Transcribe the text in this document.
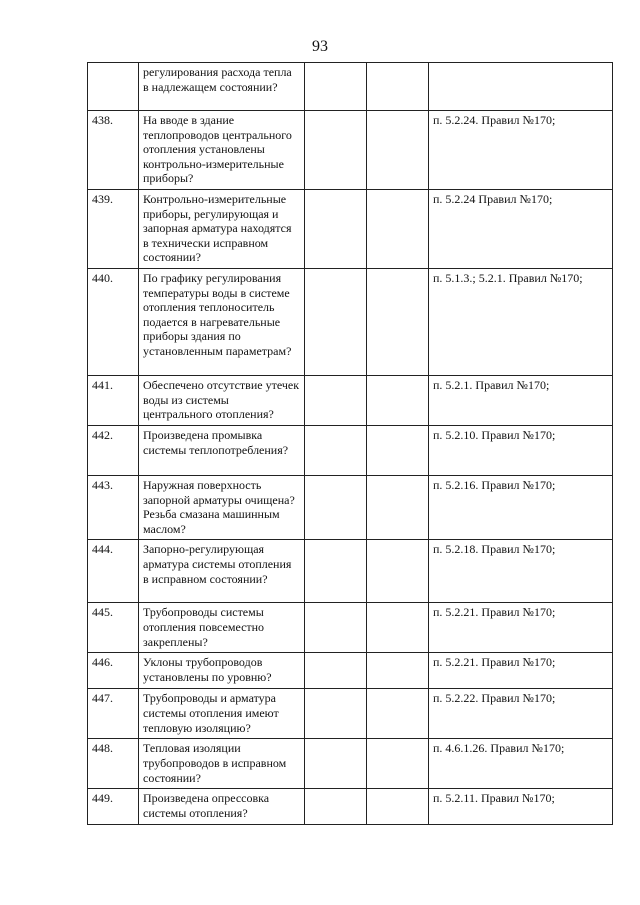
93
	регулирования расхода тепла в надлежащем состоянии?			
438.	На вводе в здание теплопроводов центрального отопления установлены контрольно-измерительные приборы?			п. 5.2.24. Правил №170;
439.	Контрольно-измерительные приборы, регулирующая и запорная арматура находятся в технически исправном состоянии?			п. 5.2.24 Правил №170;
440.	По графику регулирования температуры воды в системе отопления теплоноситель подается в нагревательные приборы здания по установленным параметрам?			п. 5.1.3.; 5.2.1. Правил №170;
441.	Обеспечено отсутствие утечек воды из системы центрального отопления?			п. 5.2.1. Правил №170;
442.	Произведена промывка системы теплопотребления?			п. 5.2.10. Правил №170;
443.	Наружная поверхность запорной арматуры очищена? Резьба смазана машинным маслом?			п. 5.2.16. Правил №170;
444.	Запорно-регулирующая арматура системы отопления в исправном состоянии?			п. 5.2.18. Правил №170;
445.	Трубопроводы системы отопления повсеместно закреплены?			п. 5.2.21. Правил №170;
446.	Уклоны трубопроводов установлены по уровню?			п. 5.2.21. Правил №170;
447.	Трубопроводы и арматура системы отопления имеют тепловую изоляцию?			п. 5.2.22. Правил №170;
448.	Тепловая изоляции трубопроводов в исправном состоянии?			п. 4.6.1.26. Правил №170;
449.	Произведена опрессовка системы отопления?			п. 5.2.11. Правил №170;
